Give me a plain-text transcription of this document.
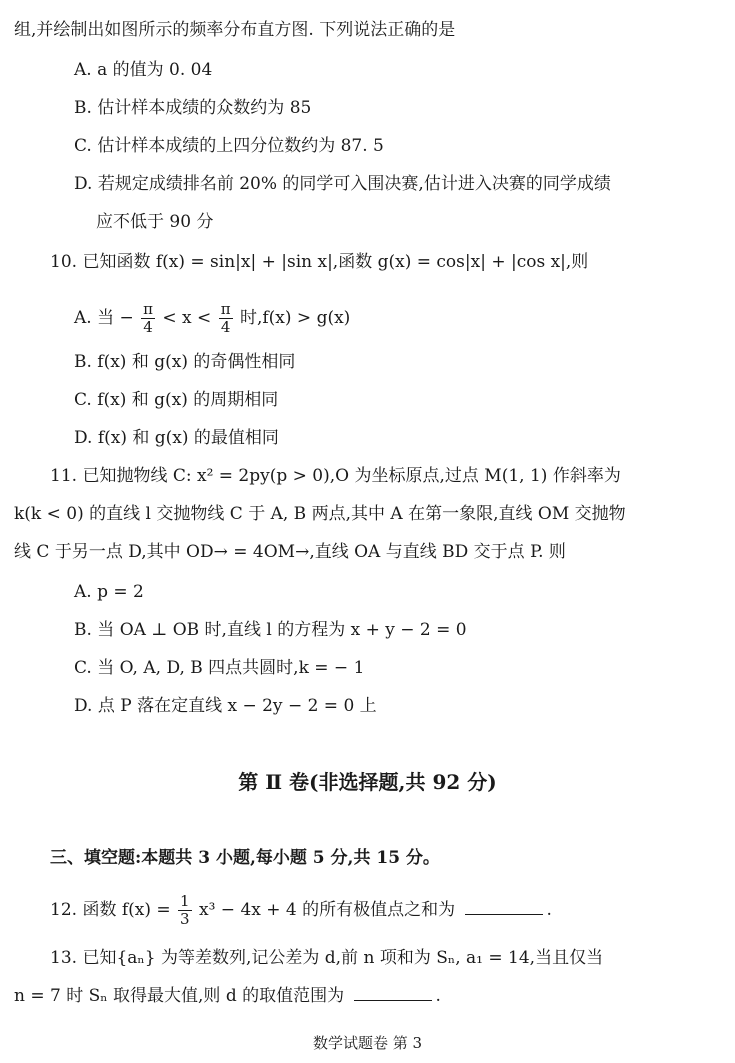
组,并绘制出如图所示的频率分布直方图. 下列说法正确的是
A. a 的值为 0. 04
B. 估计样本成绩的众数约为 85
C. 估计样本成绩的上四分位数约为 87. 5
D. 若规定成绩排名前 20% 的同学可入围决赛,估计进入决赛的同学成绩
应不低于 90 分
10. 已知函数 f(x) = sin|x| + |sin x|,函数 g(x) = cos|x| + |cos x|,则
A. 当 − $\frac{\pi}{4} < x < \frac{\pi}{4}$ 时,f(x) > g(x)
B. f(x) 和 g(x) 的奇偶性相同
C. f(x) 和 g(x) 的周期相同
D. f(x) 和 g(x) 的最值相同
11. 已知抛物线 C: x² = 2py(p > 0),O 为坐标原点,过点 M(1, 1) 作斜率为
k(k < 0) 的直线 l 交抛物线 C 于 A, B 两点,其中 A 在第一象限,直线 OM 交抛物
线 C 于另一点 D,其中 OD→ = 4OM→,直线 OA 与直线 BD 交于点 P. 则
A. p = 2
B. 当 OA ⊥ OB 时,直线 l 的方程为 x + y − 2 = 0
C. 当 O, A, D, B 四点共圆时,k = − 1
D. 点 P 落在定直线 x − 2y − 2 = 0 上
第 Ⅱ 卷(非选择题,共 92 分)
三、填空题:本题共 3 小题,每小题 5 分,共 15 分。
12. 函数 $f(x) = \frac{1}{3} x^3 - 4x + 4$ 的所有极值点之和为	.
13. 已知{aₙ} 为等差数列,记公差为 d,前 n 项和为 Sₙ, a₁ = 14,当且仅当
n = 7 时 Sₙ 取得最大值,则 d 的取值范围为	.
数学试题卷 第 3
